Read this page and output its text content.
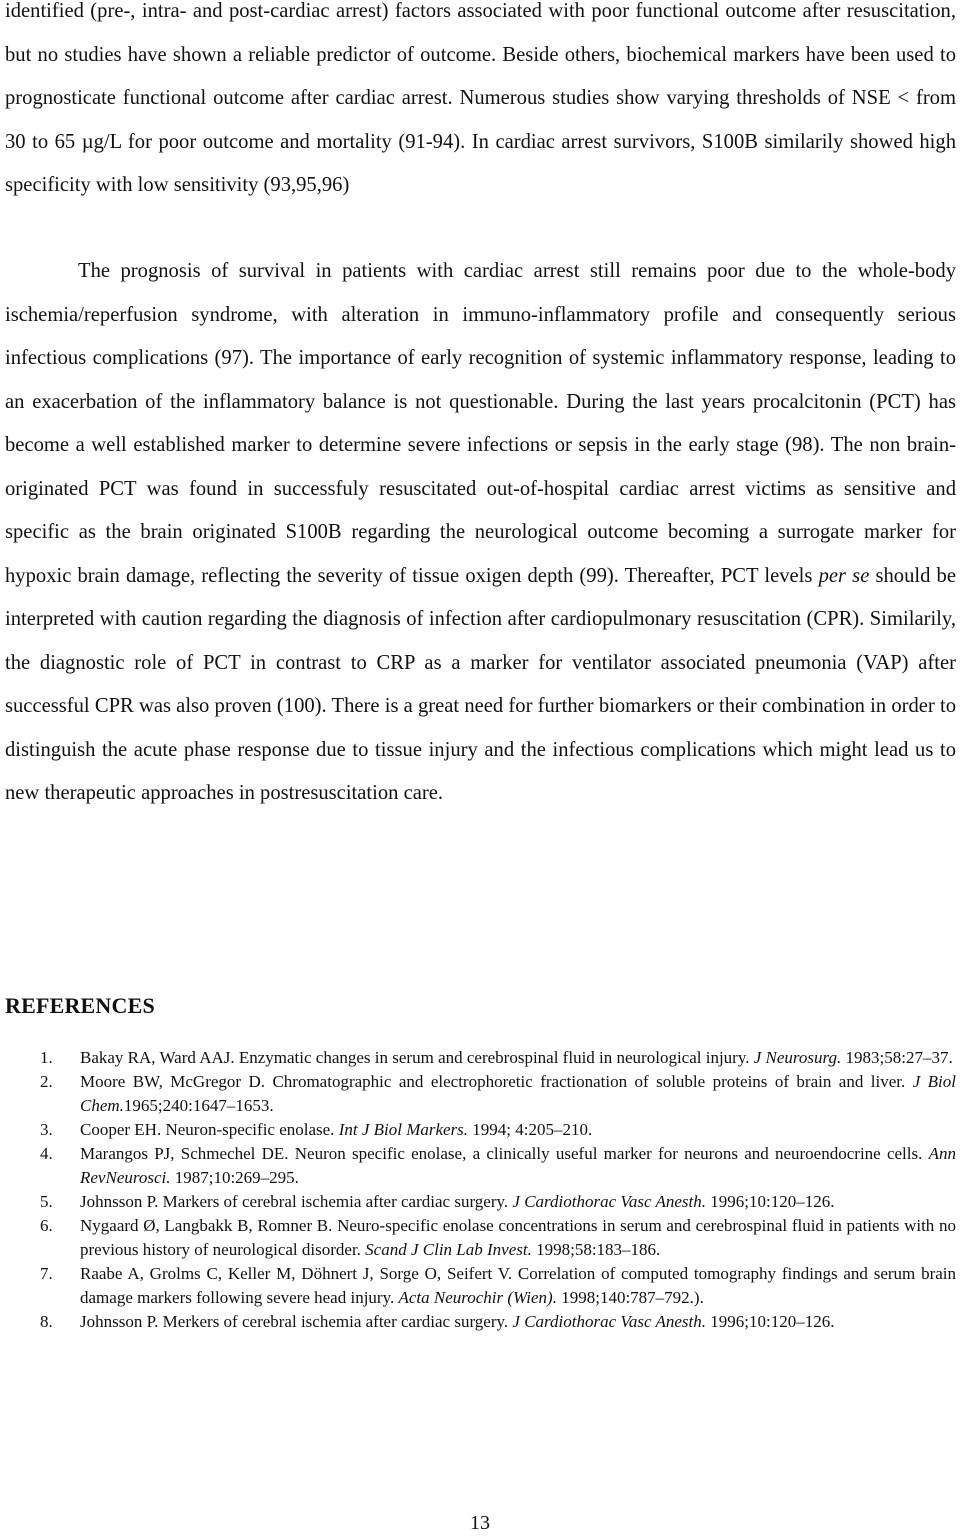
identified (pre-, intra- and post-cardiac arrest) factors associated with poor functional outcome after resuscitation, but no studies have shown a reliable predictor of outcome. Beside others, biochemical markers have been used to prognosticate functional outcome after cardiac arrest. Numerous studies show varying thresholds of NSE < from 30 to 65 µg/L for poor outcome and mortality (91-94). In cardiac arrest survivors, S100B similarily showed high specificity with low sensitivity (93,95,96)

The prognosis of survival in patients with cardiac arrest still remains poor due to the whole-body ischemia/reperfusion syndrome, with alteration in immuno-inflammatory profile and consequently serious infectious complications (97). The importance of early recognition of systemic inflammatory response, leading to an exacerbation of the inflammatory balance is not questionable. During the last years procalcitonin (PCT) has become a well established marker to determine severe infections or sepsis in the early stage (98). The non brain-originated PCT was found in successfuly resuscitated out-of-hospital cardiac arrest victims as sensitive and specific as the brain originated S100B regarding the neurological outcome becoming a surrogate marker for hypoxic brain damage, reflecting the severity of tissue oxigen depth (99). Thereafter, PCT levels per se should be interpreted with caution regarding the diagnosis of infection after cardiopulmonary resuscitation (CPR). Similarily, the diagnostic role of PCT in contrast to CRP as a marker for ventilator associated pneumonia (VAP) after successful CPR was also proven (100). There is a great need for further biomarkers or their combination in order to distinguish the acute phase response due to tissue injury and the infectious complications which might lead us to new therapeutic approaches in postresuscitation care.

REFERENCES
1. Bakay RA, Ward AAJ. Enzymatic changes in serum and cerebrospinal fluid in neurological injury. J Neurosurg. 1983;58:27–37.
2. Moore BW, McGregor D. Chromatographic and electrophoretic fractionation of soluble proteins of brain and liver. J Biol Chem.1965;240:1647–1653.
3. Cooper EH. Neuron-specific enolase. Int J Biol Markers. 1994; 4:205–210.
4. Marangos PJ, Schmechel DE. Neuron specific enolase, a clinically useful marker for neurons and neuroendocrine cells. Ann RevNeurosci. 1987;10:269–295.
5. Johnsson P. Markers of cerebral ischemia after cardiac surgery. J Cardiothorac Vasc Anesth. 1996;10:120–126.
6. Nygaard Ø, Langbakk B, Romner B. Neuro-specific enolase concentrations in serum and cerebrospinal fluid in patients with no previous history of neurological disorder. Scand J Clin Lab Invest. 1998;58:183–186.
7. Raabe A, Grolms C, Keller M, Döhnert J, Sorge O, Seifert V. Correlation of computed tomography findings and serum brain damage markers following severe head injury. Acta Neurochir (Wien). 1998;140:787–792.).
8. Johnsson P. Merkers of cerebral ischemia after cardiac surgery. J Cardiothorac Vasc Anesth. 1996;10:120–126.
13
